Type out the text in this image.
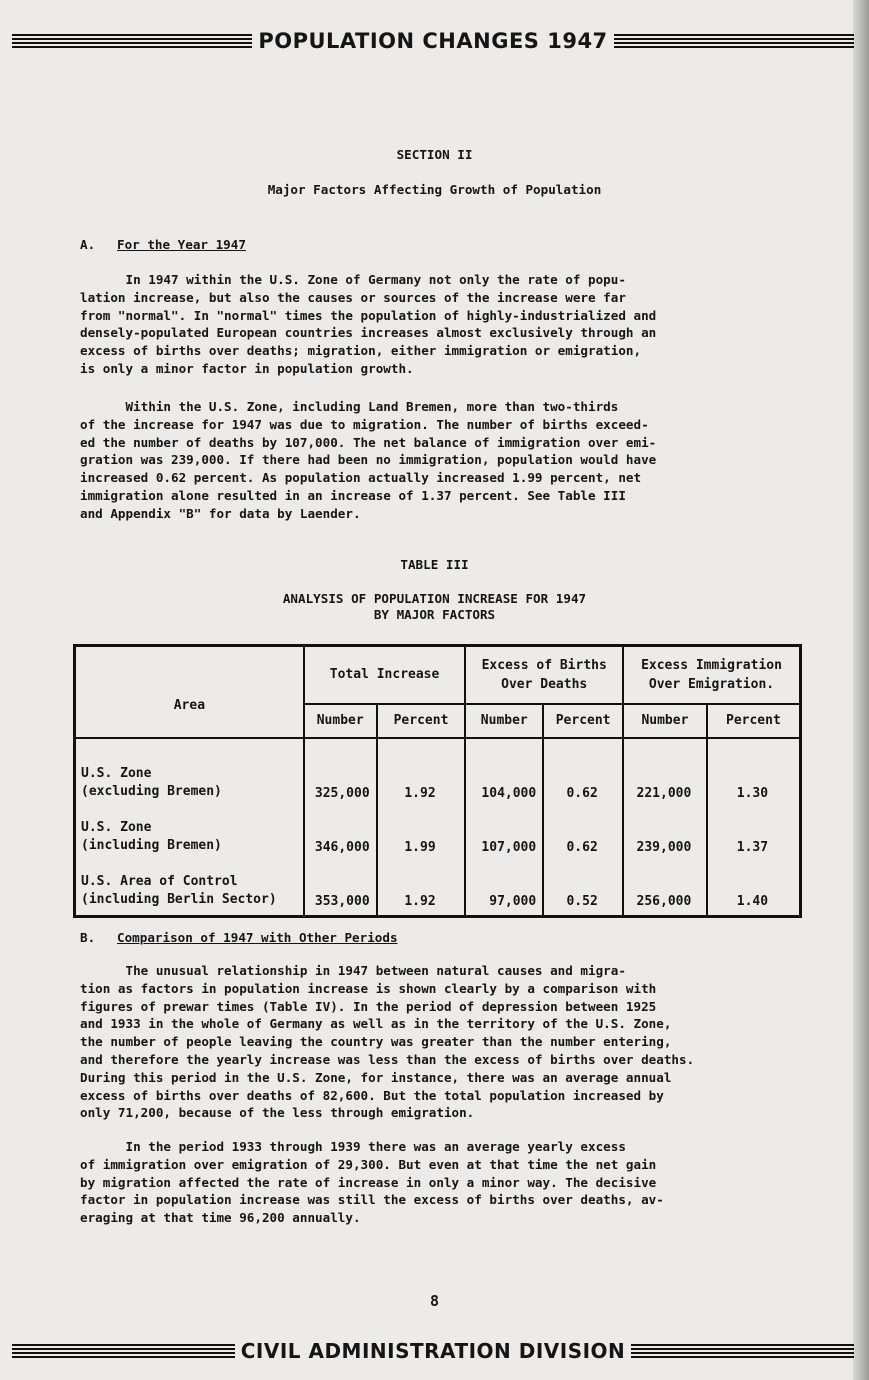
POPULATION CHANGES 1947
SECTION II
Major Factors Affecting Growth of Population
A. For the Year 1947
In 1947 within the U.S. Zone of Germany not only the rate of popu-
lation increase, but also the causes or sources of the increase were far
from "normal". In "normal" times the population of highly-industrialized and
densely-populated European countries increases almost exclusively through an
excess of births over deaths; migration, either immigration or emigration,
is only a minor factor in population growth.
Within the U.S. Zone, including Land Bremen, more than two-thirds
of the increase for 1947 was due to migration. The number of births exceed-
ed the number of deaths by 107,000. The net balance of immigration over emi-
gration was 239,000. If there had been no immigration, population would have
increased 0.62 percent. As population actually increased 1.99 percent, net
immigration alone resulted in an increase of 1.37 percent. See Table III
and Appendix "B" for data by Laender.
TABLE III
ANALYSIS OF POPULATION INCREASE FOR 1947
BY MAJOR FACTORS
Area	Total Increase		Excess of Births
Over Deaths		Excess Immigration
Over Emigration.	
	Number	Percent	Number	Percent	Number	Percent
U.S. Zone
(excluding Bremen)	325,000	1.92	104,000	0.62	221,000	1.30
U.S. Zone
(including Bremen)	346,000	1.99	107,000	0.62	239,000	1.37
U.S. Area of Control
(including Berlin Sector)	353,000	1.92	97,000	0.52	256,000	1.40
B. Comparison of 1947 with Other Periods
The unusual relationship in 1947 between natural causes and migra-
tion as factors in population increase is shown clearly by a comparison with
figures of prewar times (Table IV). In the period of depression between 1925
and 1933 in the whole of Germany as well as in the territory of the U.S. Zone,
the number of people leaving the country was greater than the number entering,
and therefore the yearly increase was less than the excess of births over deaths.
During this period in the U.S. Zone, for instance, there was an average annual
excess of births over deaths of 82,600. But the total population increased by
only 71,200, because of the less through emigration.
In the period 1933 through 1939 there was an average yearly excess
of immigration over emigration of 29,300. But even at that time the net gain
by migration affected the rate of increase in only a minor way. The decisive
factor in population increase was still the excess of births over deaths, av-
eraging at that time 96,200 annually.
8
CIVIL ADMINISTRATION DIVISION
